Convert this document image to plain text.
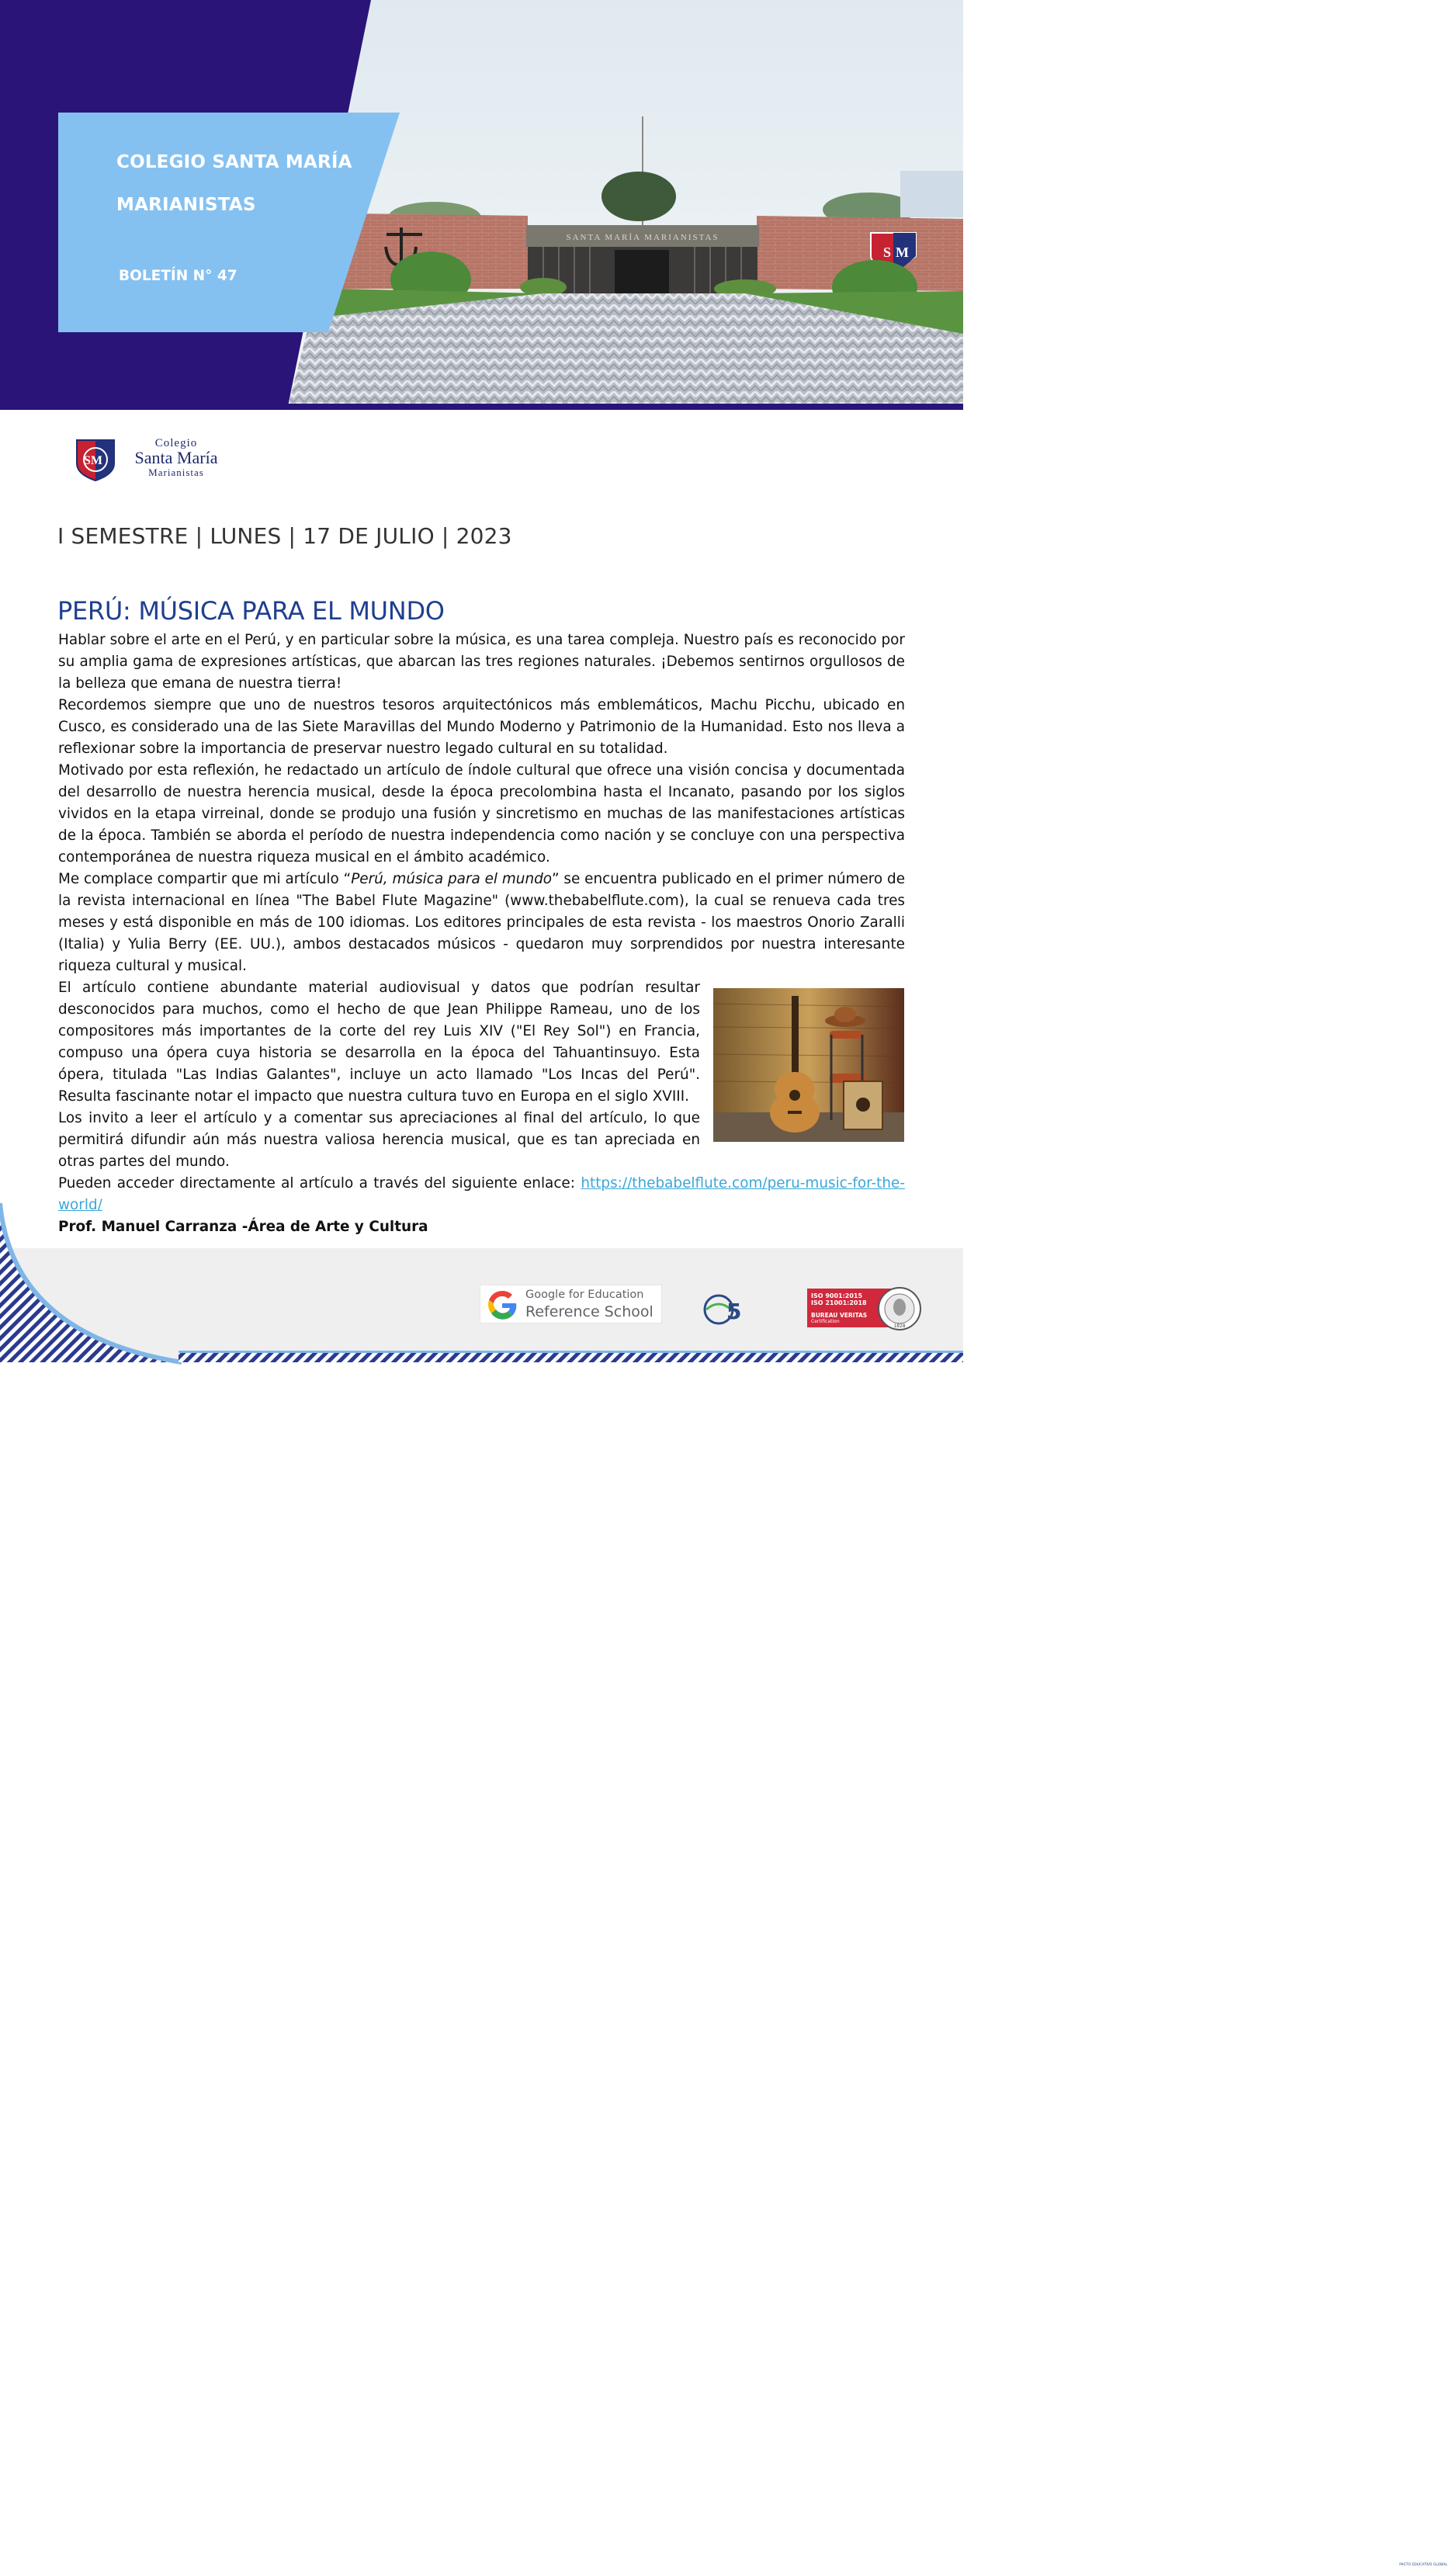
SANTA MARÍA MARIANISTAS
S M
COLEGIO SANTA MARÍA
MARIANISTAS
BOLETÍN N° 47
SM
Colegio
Santa María
Marianistas
I SEMESTRE | LUNES | 17 DE JULIO | 2023
PERÚ: MÚSICA PARA EL MUNDO

Hablar sobre el arte en el Perú, y en particular sobre la música, es una tarea compleja. Nuestro país es reconocido por su amplia gama de expresiones artísticas, que abarcan las tres regiones naturales. ¡Debemos sentirnos orgullosos de la belleza que emana de nuestra tierra!

Recordemos siempre que uno de nuestros tesoros arquitectónicos más emblemáticos, Machu Picchu, ubicado en Cusco, es considerado una de las Siete Maravillas del Mundo Moderno y Patrimonio de la Humanidad. Esto nos lleva a reflexionar sobre la importancia de preservar nuestro legado cultural en su totalidad.

Motivado por esta reflexión, he redactado un artículo de índole cultural que ofrece una visión concisa y documentada del desarrollo de nuestra herencia musical, desde la época precolombina hasta el Incanato, pasando por los siglos vividos en la etapa virreinal, donde se produjo una fusión y sincretismo en muchas de las manifestaciones artísticas de la época. También se aborda el período de nuestra independencia como nación y se concluye con una perspectiva contemporánea de nuestra riqueza musical en el ámbito académico.

Me complace compartir que mi artículo “Perú, música para el mundo” se encuentra publicado en el primer número de la revista internacional en línea "The Babel Flute Magazine" (www.thebabelflute.com), la cual se renueva cada tres meses y está disponible en más de 100 idiomas. Los editores principales de esta revista - los maestros Onorio Zaralli (Italia) y Yulia Berry (EE. UU.), ambos destacados músicos - quedaron muy sorprendidos por nuestra interesante riqueza cultural y musical.

El artículo contiene abundante material audiovisual y datos que podrían resultar desconocidos para muchos, como el hecho de que Jean Philippe Rameau, uno de los compositores más importantes de la corte del rey Luis XIV ("El Rey Sol") en Francia, compuso una ópera cuya historia se desarrolla en la época del Tahuantinsuyo. Esta ópera, titulada "Las Indias Galantes", incluye un acto llamado "Los Incas del Perú". Resulta fascinante notar el impacto que nuestra cultura tuvo en Europa en el siglo XVIII.

Los invito a leer el artículo y a comentar sus apreciaciones al final del artículo, lo que permitirá difundir aún más nuestra valiosa herencia musical, que es tan apreciada en otras partes del mundo.

Pueden acceder directamente al artículo a través del siguiente enlace: https://thebabelflute.com/peru-music-for-the-world/

Prof. Manuel Carranza -Área de Arte y Cultura
Google for Education
Reference School	5
PACTO EDUCATIVO GLOBAL
ISO 9001:2015
ISO 21001:2018
BUREAU VERITAS
Certification
1828
